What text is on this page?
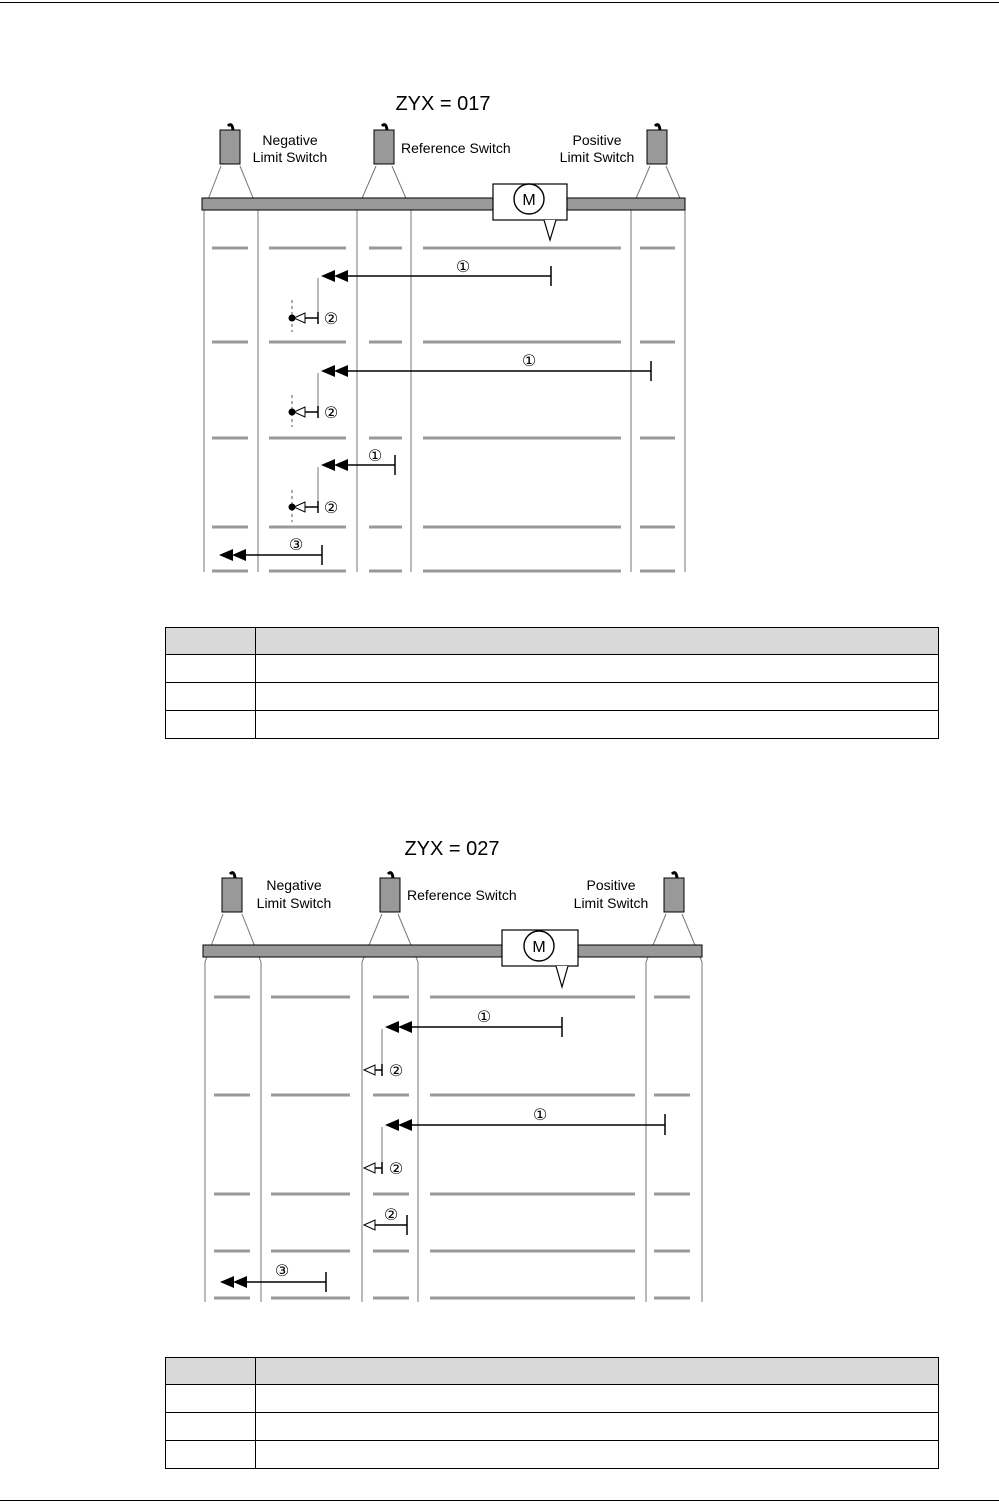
ZYX = 017
Negative
Limit Switch
Reference Switch	Positive
Limit Switch
M
①
②
①
②
①
②
③

ZYX = 027
Negative
Limit Switch	Reference Switch
Positive
Limit Switch
M
①
②
①
②
②
③
